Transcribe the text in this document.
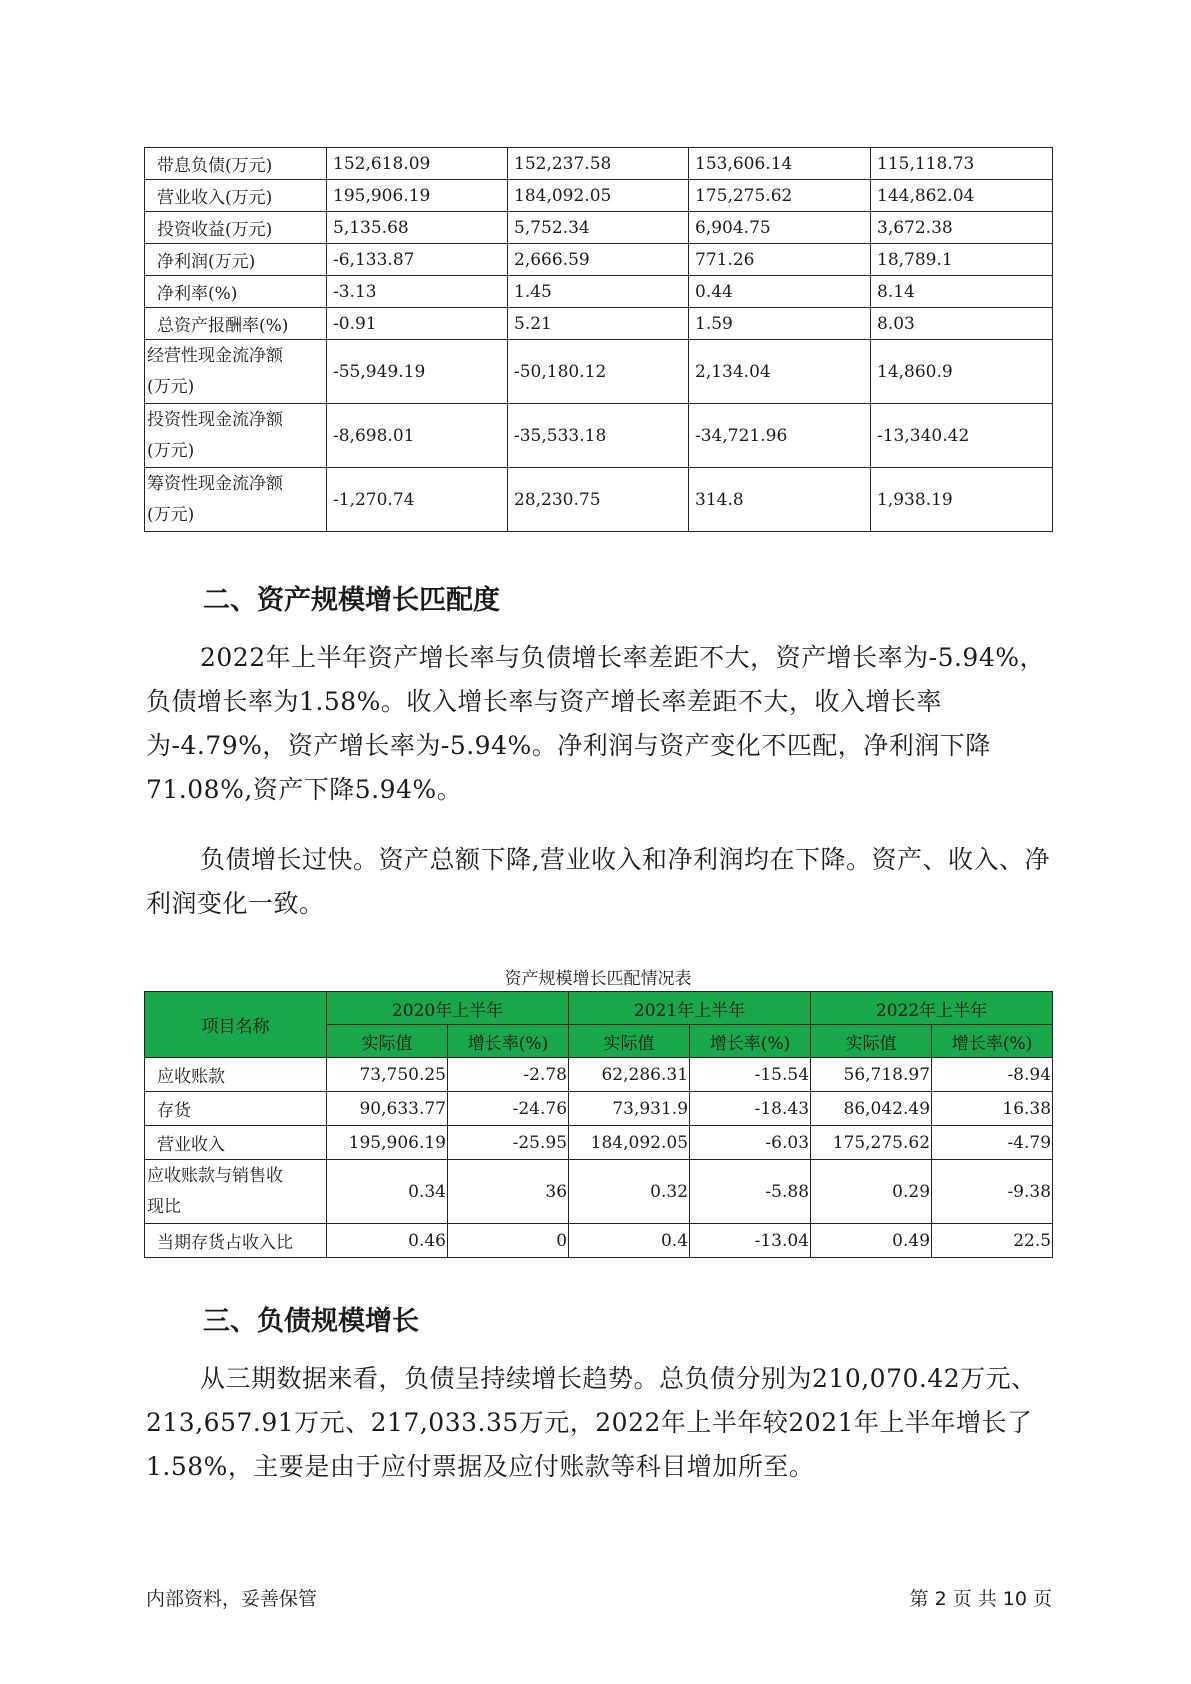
带息负债(万元)	152,618.09	152,237.58	153,606.14	115,118.73
营业收入(万元)	195,906.19	184,092.05	175,275.62	144,862.04
投资收益(万元)	5,135.68	5,752.34	6,904.75	3,672.38
净利润(万元)	-6,133.87	2,666.59	771.26	18,789.1
净利率(%)	-3.13	1.45	0.44	8.14
总资产报酬率(%)	-0.91	5.21	1.59	8.03

经营性现金流净额
(万元)	-55,949.19	-50,180.12	2,134.04	14,860.9

投资性现金流净额
(万元)	-8,698.01	-35,533.18	-34,721.96	-13,340.42

筹资性现金流净额
(万元)	-1,270.74	28,230.75	314.8	1,938.19
二、资产规模增长匹配度

2022年上半年资产增长率与负债增长率差距不大，资产增长率为-5.94%，负债增长率为1.58%。收入增长率与资产增长率差距不大，收入增长率为-4.79%，资产增长率为-5.94%。净利润与资产变化不匹配，净利润下降71.08%,资产下降5.94%。

负债增长过快。资产总额下降,营业收入和净利润均在下降。资产、收入、净利润变化一致。

资产规模增长匹配情况表
项目名称	2020年上半年		2021年上半年		2022年上半年	
	实际值	增长率(%)	实际值	增长率(%)	实际值	增长率(%)
应收账款	73,750.25	-2.78	62,286.31	-15.54	56,718.97	-8.94
存货	90,633.77	-24.76	73,931.9	-18.43	86,042.49	16.38
营业收入	195,906.19	-25.95	184,092.05	-6.03	175,275.62	-4.79

应收账款与销售收
现比	0.34	36	0.32	-5.88	0.29	-9.38
当期存货占收入比	0.46	0	0.4	-13.04	0.49	22.5
三、负债规模增长

从三期数据来看，负债呈持续增长趋势。总负债分别为210,070.42万元、213,657.91万元、217,033.35万元，2022年上半年较2021年上半年增长了1.58%，主要是由于应付票据及应付账款等科目增加所至。

内部资料，妥善保管	第 2 页 共 10 页
